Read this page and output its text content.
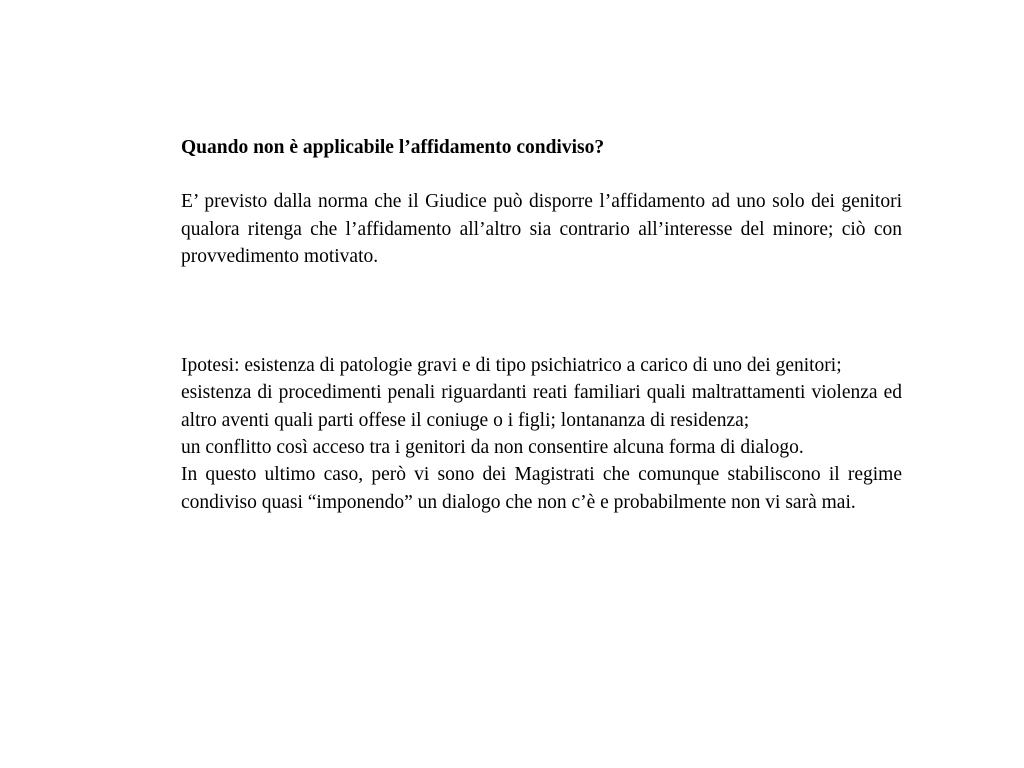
Quando non è applicabile l’affidamento condiviso?

E’ previsto dalla norma che il Giudice può disporre l’affidamento ad uno solo dei genitori qualora ritenga che l’affidamento all’altro sia contrario all’interesse del minore; ciò con provvedimento motivato.

Ipotesi: esistenza di patologie gravi e di tipo psichiatrico a carico di uno dei genitori;
esistenza di procedimenti penali riguardanti reati familiari quali maltrattamenti violenza ed altro aventi quali parti offese il coniuge o i figli; lontananza di residenza;
un conflitto così acceso tra i genitori da non consentire alcuna forma di dialogo.
In questo ultimo caso, però vi sono dei Magistrati che comunque stabiliscono il regime condiviso quasi “imponendo” un dialogo che non c’è e probabilmente non vi sarà mai.
